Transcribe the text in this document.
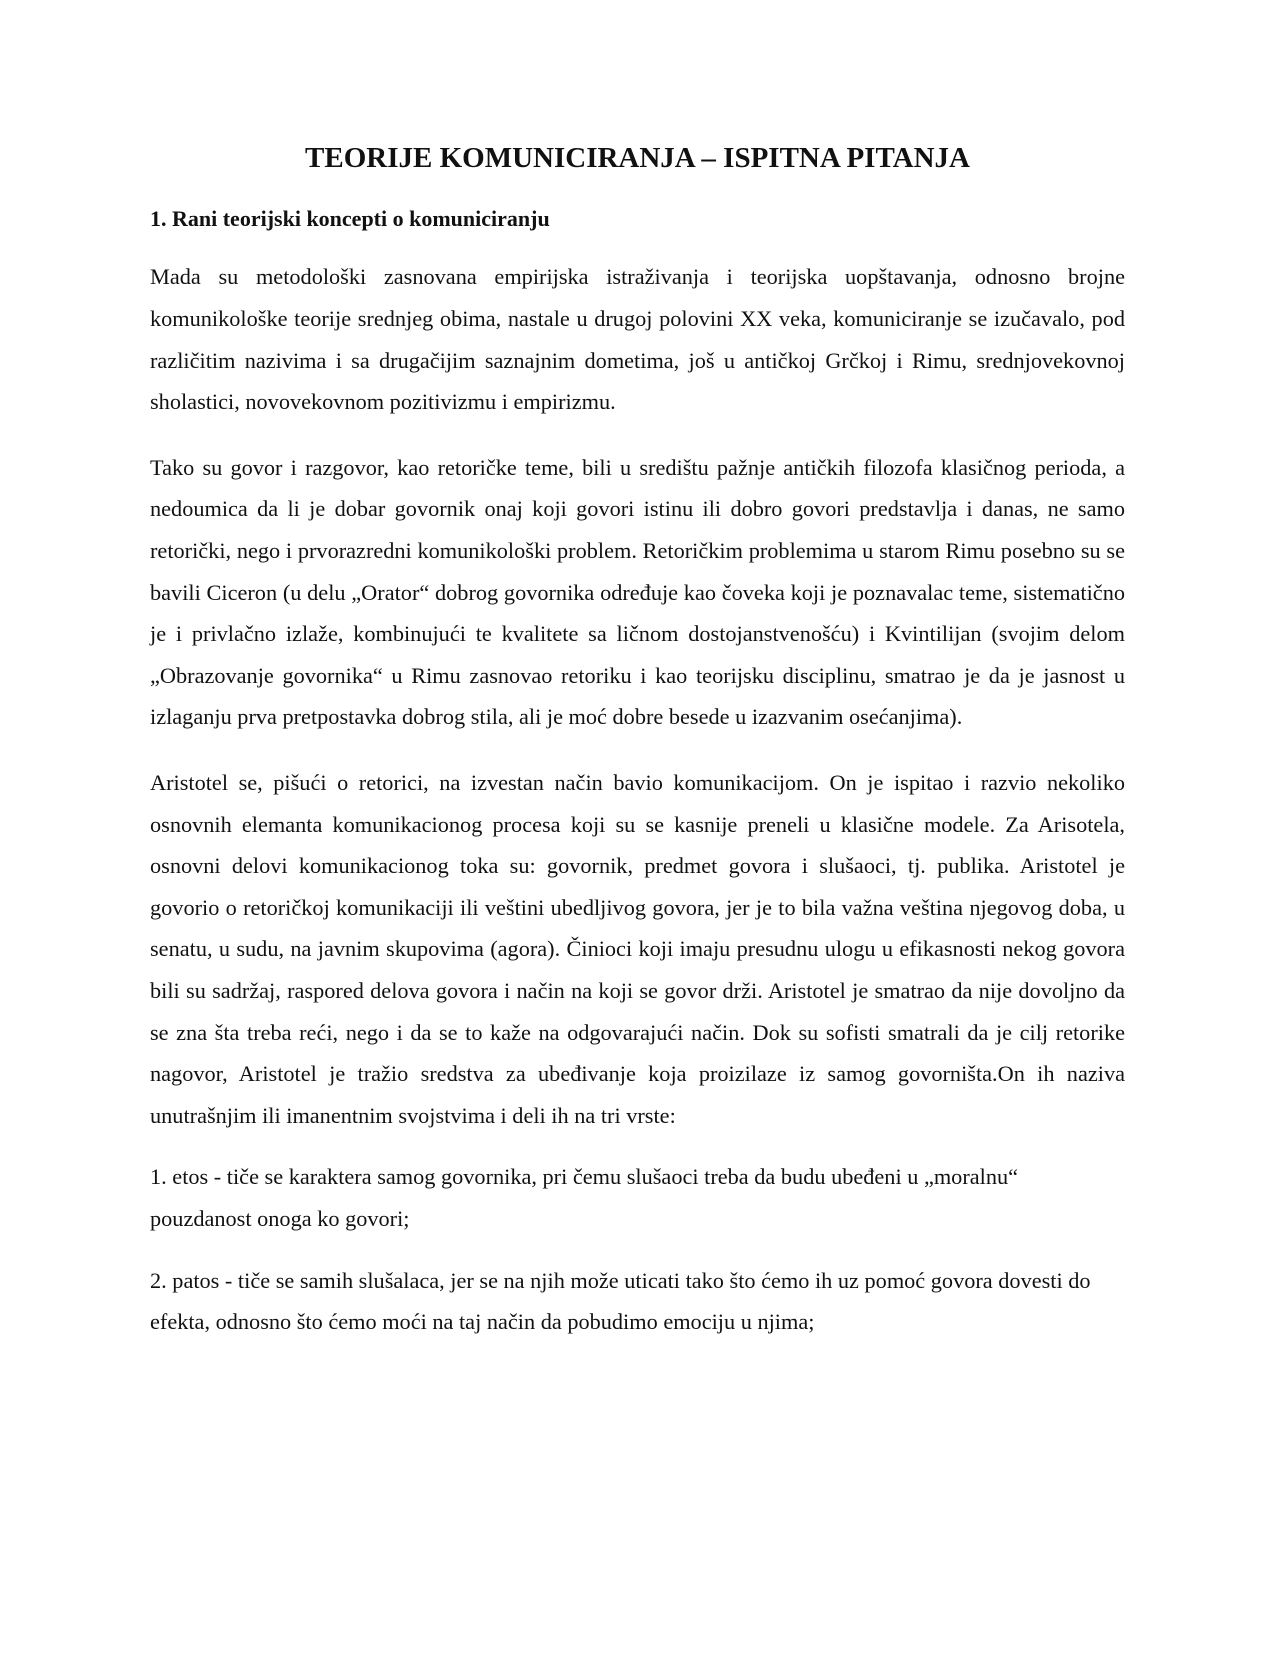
TEORIJE KOMUNICIRANJA – ISPITNA PITANJA
1. Rani teorijski koncepti o komuniciranju

Mada su metodološki zasnovana empirijska istraživanja i teorijska uopštavanja, odnosno brojne komunikološke teorije srednjeg obima, nastale u drugoj polovini XX veka, komuniciranje se izučavalo, pod različitim nazivima i sa drugačijim saznajnim dometima, još u antičkoj Grčkoj i Rimu, srednjovekovnoj sholastici, novovekovnom pozitivizmu i empirizmu.

Tako su govor i razgovor, kao retoričke teme, bili u središtu pažnje antičkih filozofa klasičnog perioda, a nedoumica da li je dobar govornik onaj koji govori istinu ili dobro govori predstavlja i danas, ne samo retorički, nego i prvorazredni komunikološki problem. Retoričkim problemima u starom Rimu posebno su se bavili Ciceron (u delu „Orator“ dobrog govornika određuje kao čoveka koji je poznavalac teme, sistematično je i privlačno izlaže, kombinujući te kvalitete sa ličnom dostojanstvenošću) i Kvintilijan (svojim delom „Obrazovanje govornika“ u Rimu zasnovao retoriku i kao teorijsku disciplinu, smatrao je da je jasnost u izlaganju prva pretpostavka dobrog stila, ali je moć dobre besede u izazvanim osećanjima).

Aristotel se, pišući o retorici, na izvestan način bavio komunikacijom. On je ispitao i razvio nekoliko osnovnih elemanta komunikacionog procesa koji su se kasnije preneli u klasične modele. Za Arisotela, osnovni delovi komunikacionog toka su: govornik, predmet govora i slušaoci, tj. publika. Aristotel je govorio o retoričkoj komunikaciji ili veštini ubedljivog govora, jer je to bila važna veština njegovog doba, u senatu, u sudu, na javnim skupovima (agora). Činioci koji imaju presudnu ulogu u efikasnosti nekog govora bili su sadržaj, raspored delova govora i način na koji se govor drži. Aristotel je smatrao da nije dovoljno da se zna šta treba reći, nego i da se to kaže na odgovarajući način. Dok su sofisti smatrali da je cilj retorike nagovor, Aristotel je tražio sredstva za ubeđivanje koja proizilaze iz samog govorništa.On ih naziva unutrašnjim ili imanentnim svojstvima i deli ih na tri vrste:

1. etos - tiče se karaktera samog govornika, pri čemu slušaoci treba da budu ubeđeni u „moralnu“ pouzdanost onoga ko govori;

2. patos - tiče se samih slušalaca, jer se na njih može uticati tako što ćemo ih uz pomoć govora dovesti do efekta, odnosno što ćemo moći na taj način da pobudimo emociju u njima;
